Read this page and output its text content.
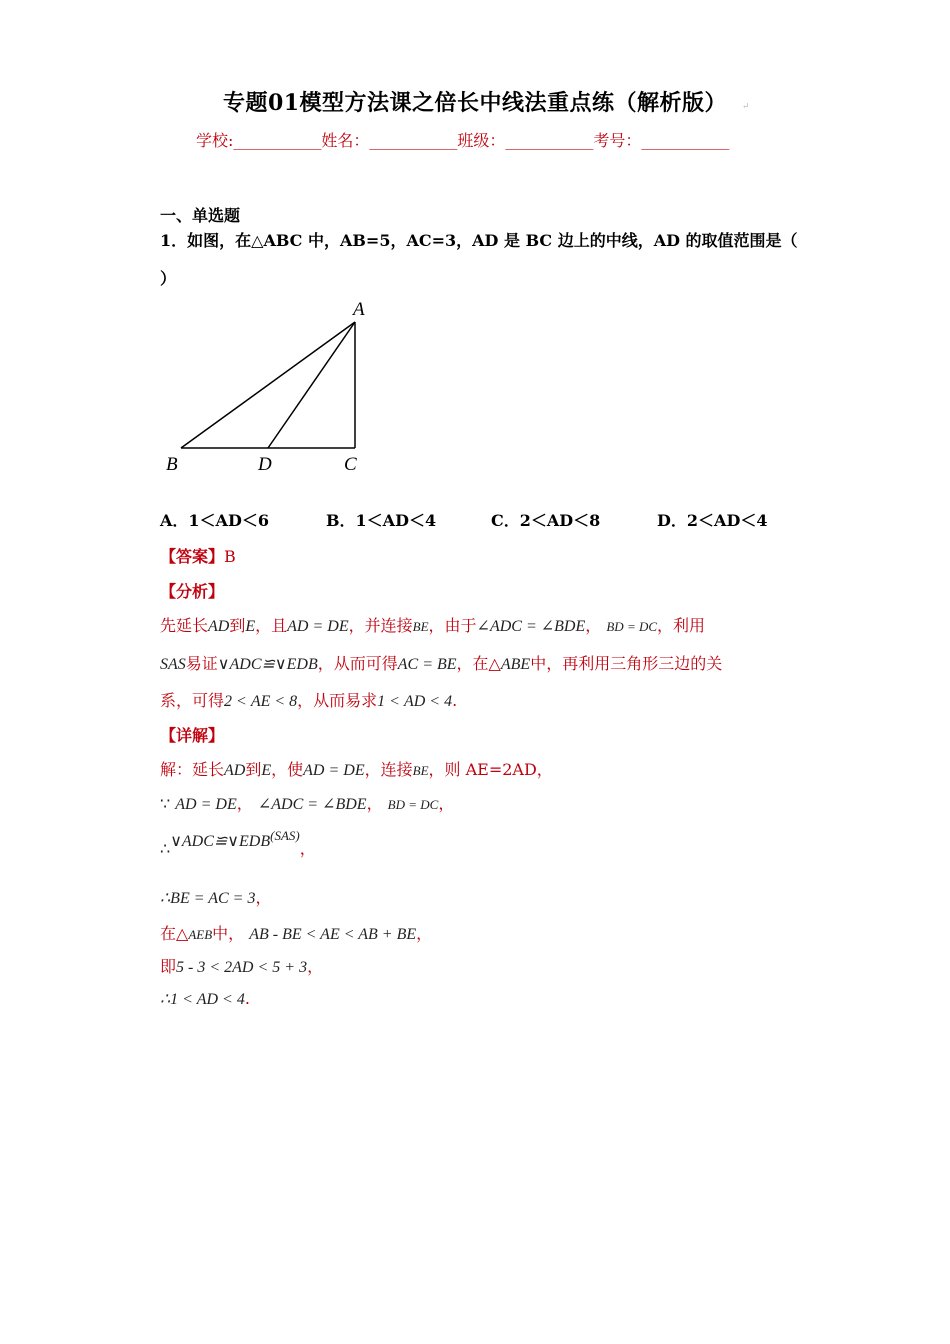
专题01模型方法课之倍长中线法重点练（解析版）	↵
学校:___________姓名：___________班级：___________考号：___________
一、单选题
1．如图，在△ABC 中，AB=5，AC=3，AD 是 BC 边上的中线，AD 的取值范围是（
）
A
B	D	C
A．1＜AD＜6	B．1＜AD＜4	C．2＜AD＜8	D．2＜AD＜4
【答案】B
【分析】
先延长AD到E，且AD = DE，并连接BE，由于∠ADC = ∠BDE， BD = DC，利用
SAS易证∨ADC≌∨EDB，从而可得AC = BE，在△ABE中，再利用三角形三边的关
系，可得2 < AE < 8，从而易求1 < AD < 4.
【详解】
解：延长AD到E，使AD = DE，连接BE，则 AE=2AD，
∵ AD = DE， ∠ADC = ∠BDE， BD = DC，
$\therefore\vee ADC≌\vee EDB^{(SAS)}$，
∴BE = AC = 3，
在△AEB中， AB - BE < AE < AB + BE，
即5 - 3 < 2AD < 5 + 3，
∴1 < AD < 4.
